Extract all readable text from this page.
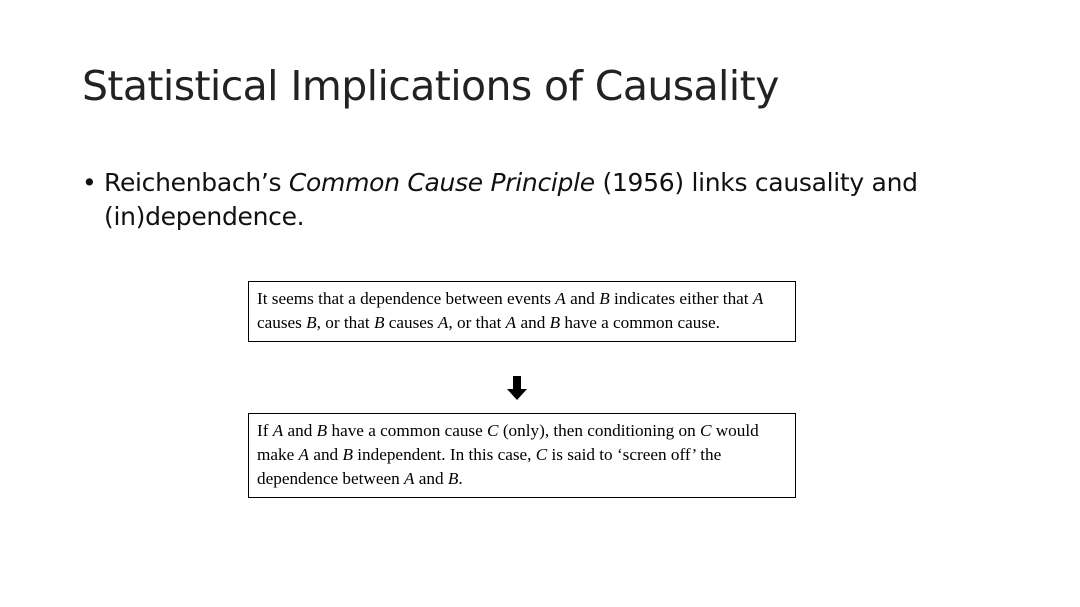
Statistical Implications of Causality
• Reichenbach’s Common Cause Principle (1956) links causality and (in)dependence.
It seems that a dependence between events A and B indicates either that A causes B, or that B causes A, or that A and B have a common cause.
If A and B have a common cause C (only), then conditioning on C would make A and B independent. In this case, C is said to ‘screen off’ the dependence between A and B.
